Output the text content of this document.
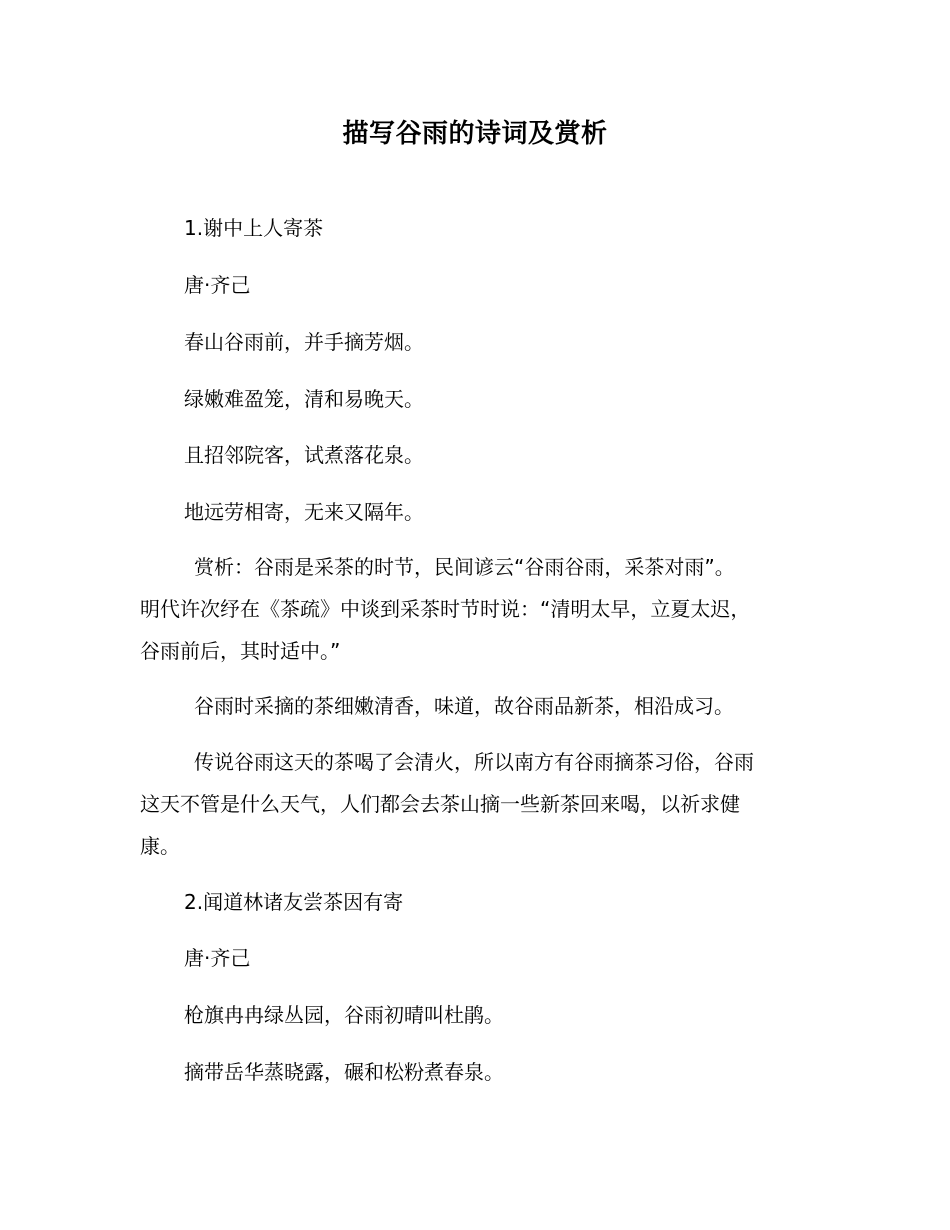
描写谷雨的诗词及赏析
1.谢中上人寄茶
唐·齐己
春山谷雨前，并手摘芳烟。
绿嫩难盈笼，清和易晚天。
且招邻院客，试煮落花泉。
地远劳相寄，无来又隔年。
赏析：谷雨是采茶的时节，民间谚云“谷雨谷雨，采茶对雨”。
明代许次纾在《茶疏》中谈到采茶时节时说：“清明太早，立夏太迟，
谷雨前后，其时适中。”
谷雨时采摘的茶细嫩清香，味道，故谷雨品新茶，相沿成习。
传说谷雨这天的茶喝了会清火，所以南方有谷雨摘茶习俗，谷雨
这天不管是什么天气，人们都会去茶山摘一些新茶回来喝，以祈求健
康。
2.闻道林诸友尝茶因有寄
唐·齐己
枪旗冉冉绿丛园，谷雨初晴叫杜鹃。
摘带岳华蒸晓露，碾和松粉煮春泉。
